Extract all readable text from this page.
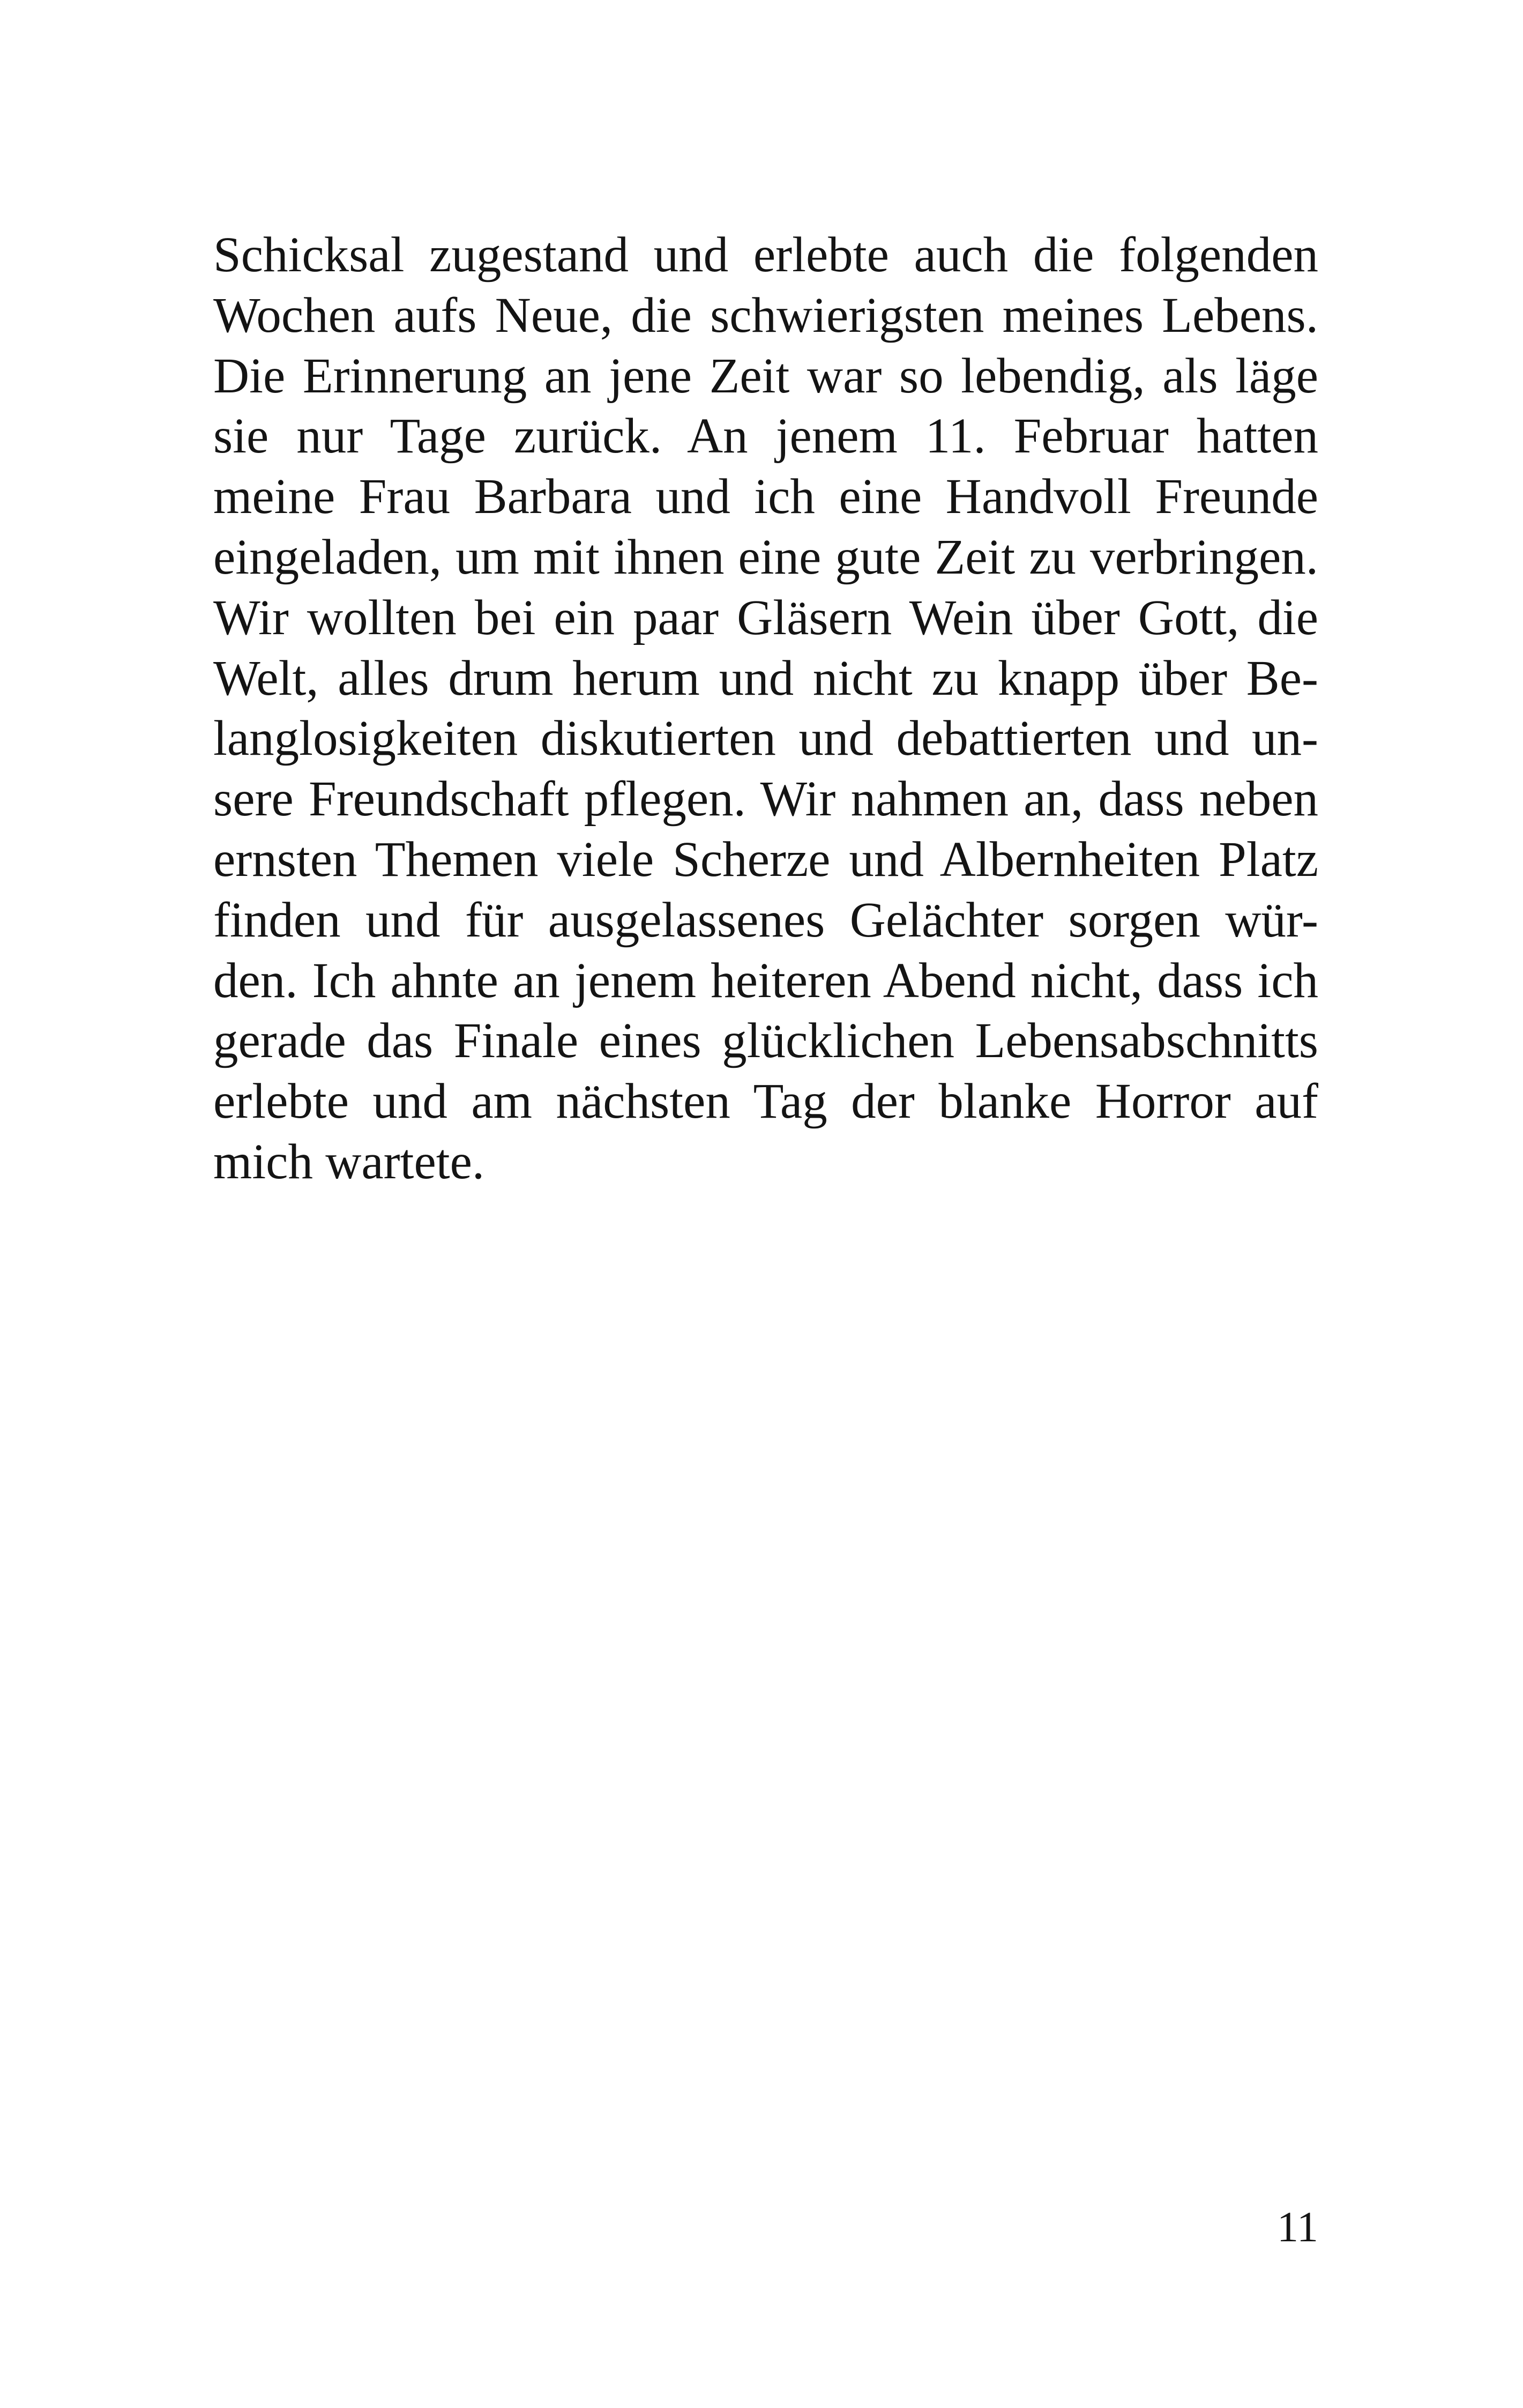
Schicksal zugestand und erlebte auch die folgenden
Wochen aufs Neue, die schwierigsten meines Lebens.
Die Erinnerung an jene Zeit war so lebendig, als läge
sie nur Tage zurück. An jenem 11. Februar hatten
meine Frau Barbara und ich eine Handvoll Freunde
eingeladen, um mit ihnen eine gute Zeit zu verbringen.
Wir wollten bei ein paar Gläsern Wein über Gott, die
Welt, alles drum herum und nicht zu knapp über Be-
langlosigkeiten diskutierten und debattierten und un-
sere Freundschaft pflegen. Wir nahmen an, dass neben
ernsten Themen viele Scherze und Albernheiten Platz
finden und für ausgelassenes Gelächter sorgen wür-
den. Ich ahnte an jenem heiteren Abend nicht, dass ich
gerade das Finale eines glücklichen Lebensabschnitts
erlebte und am nächsten Tag der blanke Horror auf
mich wartete.
11
